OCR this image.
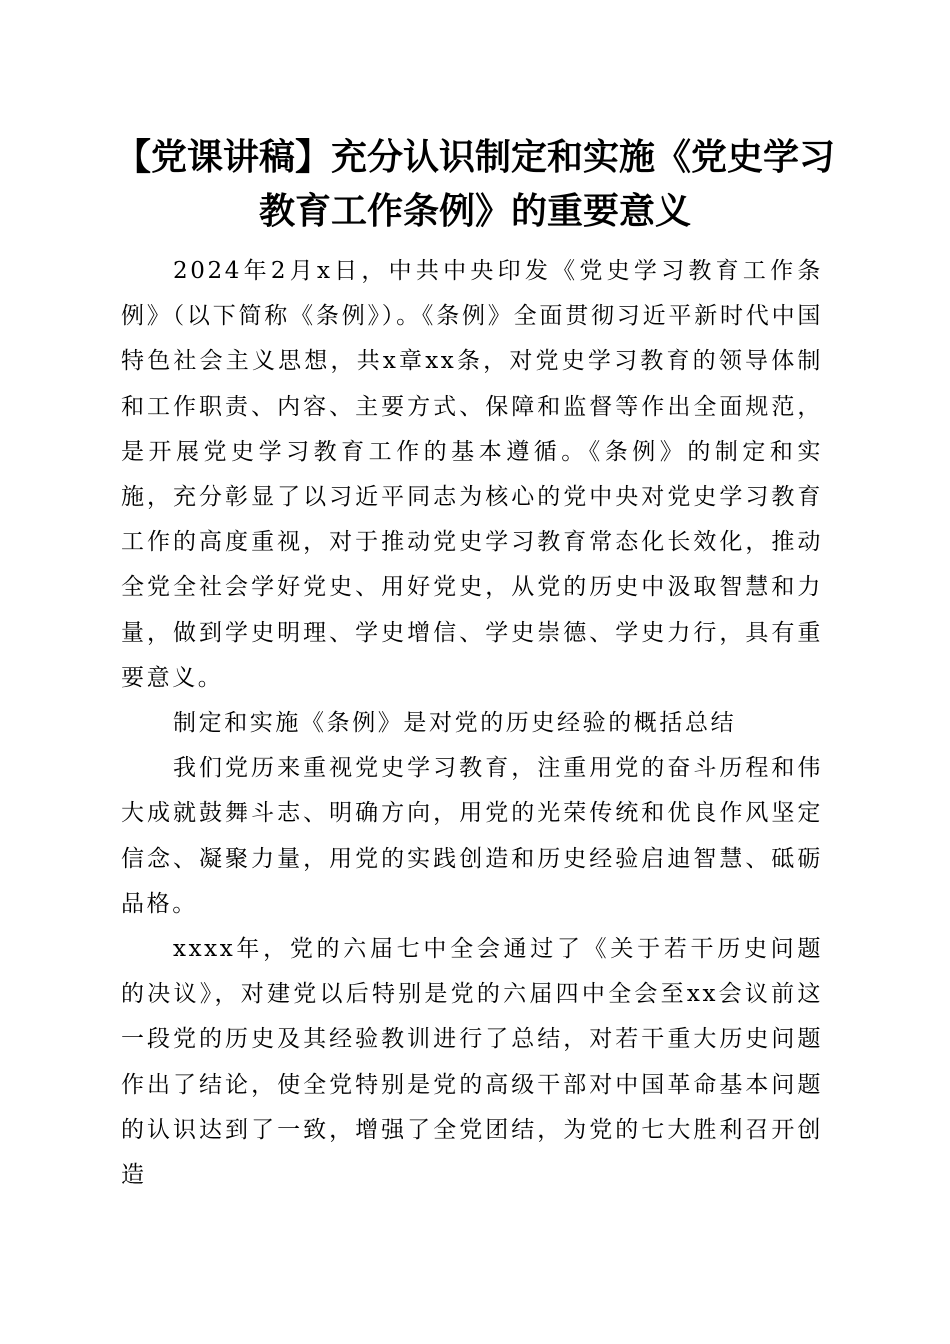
【党课讲稿】充分认识制定和实施《党史学习
教育工作条例》的重要意义

2024年2月x日，中共中央印发《党史学习教育工作条例》（以下简称《条例》）。《条例》全面贯彻习近平新时代中国特色社会主义思想，共x章xx条，对党史学习教育的领导体制和工作职责、内容、主要方式、保障和监督等作出全面规范，是开展党史学习教育工作的基本遵循。《条例》的制定和实施，充分彰显了以习近平同志为核心的党中央对党史学习教育工作的高度重视，对于推动党史学习教育常态化长效化，推动全党全社会学好党史、用好党史，从党的历史中汲取智慧和力量，做到学史明理、学史增信、学史崇德、学史力行，具有重要意义。

制定和实施《条例》是对党的历史经验的概括总结

我们党历来重视党史学习教育，注重用党的奋斗历程和伟大成就鼓舞斗志、明确方向，用党的光荣传统和优良作风坚定信念、凝聚力量，用党的实践创造和历史经验启迪智慧、砥砺品格。

xxxx年，党的六届七中全会通过了《关于若干历史问题的决议》，对建党以后特别是党的六届四中全会至xx会议前这一段党的历史及其经验教训进行了总结，对若干重大历史问题作出了结论，使全党特别是党的高级干部对中国革命基本问题的认识达到了一致，增强了全党团结，为党的七大胜利召开创造
